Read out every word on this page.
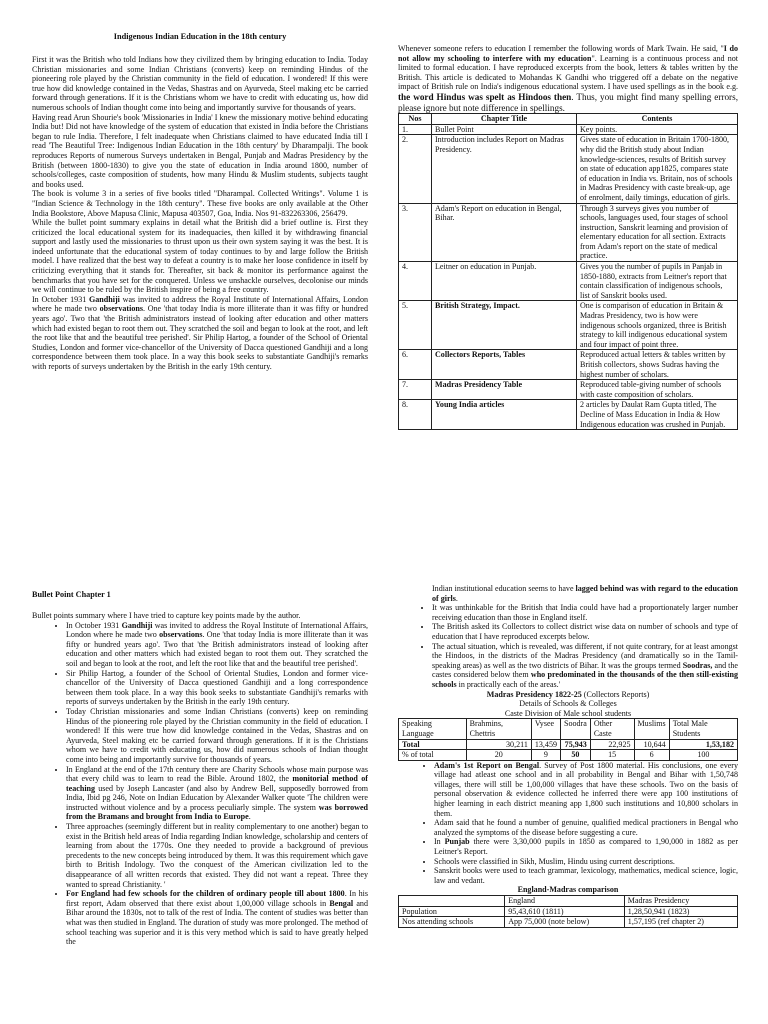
Indigenous Indian Education in the 18th century

First it was the British who told Indians how they civilized them by bringing education to India. Today Christian missionaries and some Indian Christians (converts) keep on reminding Hindus of the pioneering role played by the Christian community in the field of education. I wondered! If this were true how did knowledge contained in the Vedas, Shastras and on Ayurveda, Steel making etc be carried forward through generations. If it is the Christians whom we have to credit with educating us, how did numerous schools of Indian thought come into being and importantly survive for thousands of years.

Having read Arun Shourie's book 'Missionaries in India' I knew the missionary motive behind educating India but! Did not have knowledge of the system of education that existed in India before the Christians began to rule India. Therefore, I felt inadequate when Christians claimed to have educated India till I read 'The Beautiful Tree: Indigenous Indian Education in the 18th century' by Dharampalji. The book reproduces Reports of numerous Surveys undertaken in Bengal, Punjab and Madras Presidency by the British (between 1800-1830) to give you the state of education in India around 1800, number of schools/colleges, caste composition of students, how many Hindu & Muslim students, subjects taught and books used.

The book is volume 3 in a series of five books titled "Dharampal. Collected Writings". Volume 1 is "Indian Science & Technology in the 18th century". These five books are only available at the Other India Bookstore, Above Mapusa Clinic, Mapusa 403507, Goa, India. Nos 91-832263306, 256479.

While the bullet point summary explains in detail what the British did a brief outline is. First they criticized the local educational system for its inadequacies, then killed it by withdrawing financial support and lastly used the missionaries to thrust upon us their own system saying it was the best. It is indeed unfortunate that the educational system of today continues to by and large follow the British model. I have realized that the best way to defeat a country is to make her loose confidence in itself by criticizing everything that it stands for. Thereafter, sit back & monitor its performance against the benchmarks that you have set for the conquered. Unless we unshackle ourselves, decolonise our minds we will continue to be ruled by the British inspire of being a free country.

In October 1931 Gandhiji was invited to address the Royal Institute of International Affairs, London where he made two observations. One 'that today India is more illiterate than it was fifty or hundred years ago'. Two that 'the British administrators instead of looking after education and other matters which had existed began to root them out. They scratched the soil and began to look at the root, and left the root like that and the beautiful tree perished'. Sir Philip Hartog, a founder of the School of Oriental Studies, London and former vice-chancellor of the University of Dacca questioned Gandhiji and a long correspondence between them took place. In a way this book seeks to substantiate Gandhiji's remarks with reports of surveys undertaken by the British in the early 19th century.

Whenever someone refers to education I remember the following words of Mark Twain. He said, "I do not allow my schooling to interfere with my education". Learning is a continuous process and not limited to formal education. I have reproduced excerpts from the book, letters & tables written by the British. This article is dedicated to Mohandas K Gandhi who triggered off a debate on the negative impact of British rule on India's indigenous educational system. I have used spellings as in the book e.g. the word Hindus was spelt as Hindoos then. Thus, you might find many spelling errors, please ignore but note difference in spellings.

Nos	Chapter Title	Contents
1.	Bullet Point	Key points.
2.	Introduction includes Report on Madras Presidency.	Gives state of education in Britain 1700-1800, why did the British study about Indian knowledge-sciences, results of British survey on state of education app1825, compares state of education in India vs. Britain, nos of schools in Madras Presidency with caste break-up, age of enrolment, daily timings, education of girls.
3.	Adam's Report on education in Bengal, Bihar.	Through 3 surveys gives you number of schools, languages used, four stages of school instruction, Sanskrit learning and provision of elementary education for all section. Extracts from Adam's report on the state of medical practice.
4.	Leitner on education in Punjab.	Gives you the number of pupils in Panjab in 1850-1880, extracts from Leitner's report that contain classification of indigenous schools, list of Sanskrit books used.
5.	British Strategy, Impact.	One is comparison of education in Britain & Madras Presidency, two is how were indigenous schools organized, three is British strategy to kill indigenous educational system and four impact of point three.
6.	Collectors Reports, Tables	Reproduced actual letters & tables written by British collectors, shows Sudras having the highest number of scholars.
7.	Madras Presidency Table	Reproduced table-giving number of schools with caste composition of scholars.
8.	Young India articles	2 articles by Daulat Ram Gupta titled, The Decline of Mass Education in India & How Indigenous education was crushed in Punjab.
Bullet Point Chapter 1

Bullet points summary where I have tried to capture key points made by the author.

• In October 1931 Gandhiji was invited to address the Royal Institute of International Affairs, London where he made two observations. One 'that today India is more illiterate than it was fifty or hundred years ago'. Two that 'the British administrators instead of looking after education and other matters which had existed began to root them out. They scratched the soil and began to look at the root, and left the root like that and the beautiful tree perished'.
• Sir Philip Hartog, a founder of the School of Oriental Studies, London and former vice-chancellor of the University of Dacca questioned Gandhiji and a long correspondence between them took place. In a way this book seeks to substantiate Gandhiji's remarks with reports of surveys undertaken by the British in the early 19th century.
• Today Christian missionaries and some Indian Christians (converts) keep on reminding Hindus of the pioneering role played by the Christian community in the field of education. I wondered! If this were true how did knowledge contained in the Vedas, Shastras and on Ayurveda, Steel making etc be carried forward through generations. If it is the Christians whom we have to credit with educating us, how did numerous schools of Indian thought come into being and importantly survive for thousands of years.
• In England at the end of the 17th century there are Charity Schools whose main purpose was that every child was to learn to read the Bible. Around 1802, the monitorial method of teaching used by Joseph Lancaster (and also by Andrew Bell, supposedly borrowed from India, Ibid pg 246, Note on Indian Education by Alexander Walker quote 'The children were instructed without violence and by a process peculiarly simple. The system was borrowed from the Bramans and brought from India to Europe.
• Three approaches (seemingly different but in reality complementary to one another) began to exist in the British held areas of India regarding Indian knowledge, scholarship and centers of learning from about the 1770s. One they needed to provide a background of previous precedents to the new concepts being introduced by them. It was this requirement which gave birth to British Indology. Two the conquest of the American civilization led to the disappearance of all written records that existed. They did not want a repeat. Three they wanted to spread Christianity. '
• For England had few schools for the children of ordinary people till about 1800. In his first report, Adam observed that there exist about 1,00,000 village schools in Bengal and Bihar around the 1830s, not to talk of the rest of India. The content of studies was better than what was then studied in England. The duration of study was more prolonged. The method of school teaching was superior and it is this very method which is said to have greatly helped the

Indian institutional education seems to have lagged behind was with regard to the education of girls.

• It was unthinkable for the British that India could have had a proportionately larger number receiving education than those in England itself.
• The British asked its Collectors to collect district wise data on number of schools and type of education that I have reproduced excerpts below.
• The actual situation, which is revealed, was different, if not quite contrary, for at least amongst the Hindoos, in the districts of the Madras Presidency (and dramatically so in the Tamil-speaking areas) as well as the two districts of Bihar. It was the groups termed Soodras, and the castes considered below them who predominated in the thousands of the then still-existing schools in practically each of the areas.'
Madras Presidency 1822-25 (Collectors Reports)
Details of Schools & Colleges
Caste Division of Male school students
Speaking Language	Brahmins, Chettris	Vysee	Soodra	Other Caste	Muslims	Total Male Students
Total	30,211	13,459	75,943	22,925	10,644	1,53,182
% of total	20	9	50	15	6	100
• Adam's 1st Report on Bengal. Survey of Post 1800 material. His conclusions, one every village had atleast one school and in all probability in Bengal and Bihar with 1,50,748 villages, there will still be 1,00,000 villages that have these schools. Two on the basis of personal observation & evidence collected he inferred there were app 100 institutions of higher learning in each district meaning app 1,800 such institutions and 10,800 scholars in them.
• Adam said that he found a number of genuine, qualified medical practioners in Bengal who analyzed the symptoms of the disease before suggesting a cure.
• In Punjab there were 3,30,000 pupils in 1850 as compared to 1,90,000 in 1882 as per Leitner's Report.
• Schools were classified in Sikh, Muslim, Hindu using current descriptions.
• Sanskrit books were used to teach grammar, lexicology, mathematics, medical science, logic, law and vedant.
England-Madras comparison
	England	Madras Presidency
Population	95,43,610 (1811)	1,28,50,941 (1823)
Nos attending schools	App 75,000 (note below)	1,57,195 (ref chapter 2)
